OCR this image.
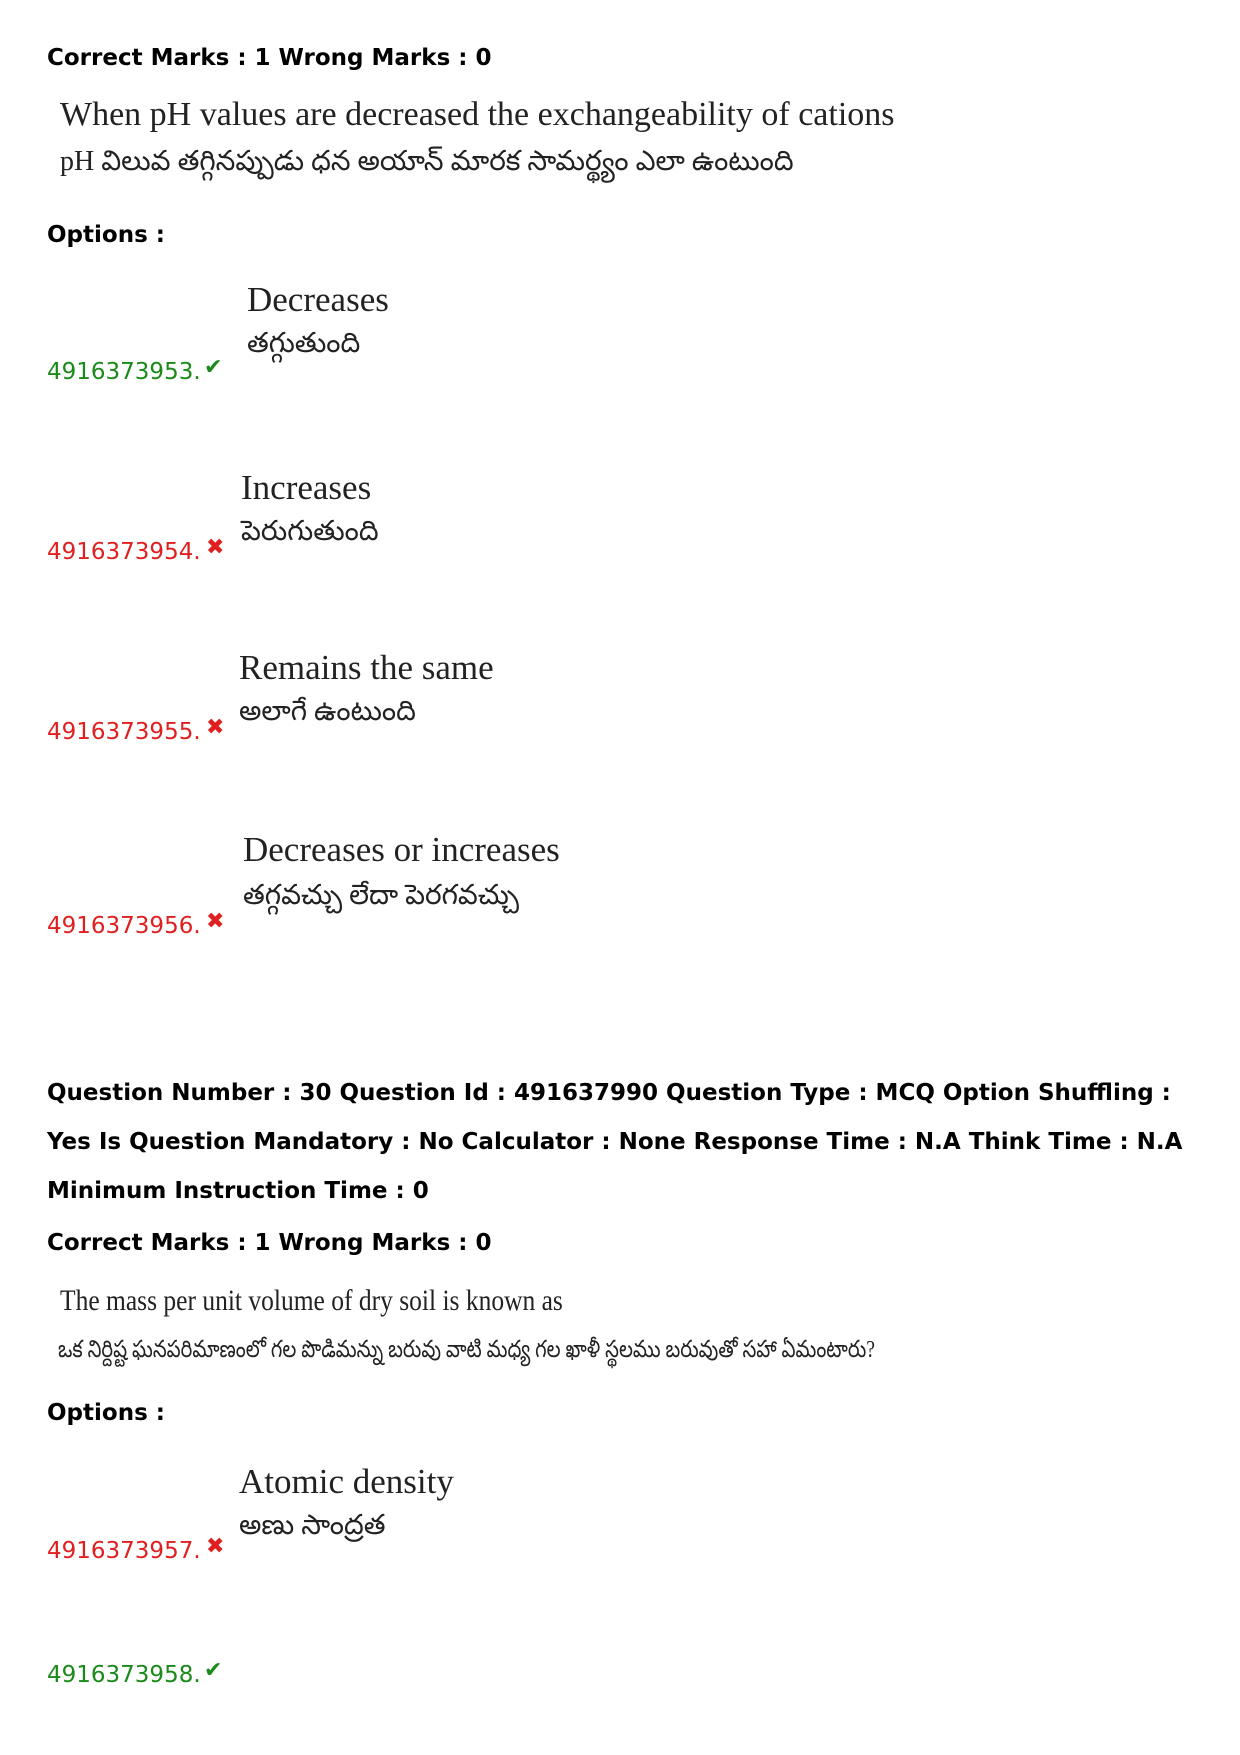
Correct Marks : 1 Wrong Marks : 0

When pH values are decreased the exchangeability of cations

pH విలువ తగ్గినప్పుడు ధన అయాన్ మారక సామర్థ్యం ఎలా ఉంటుంది

Options :

Decreases

తగ్గుతుంది

4916373953. ✔

Increases

పెరుగుతుంది

4916373954. ✖

Remains the same

అలాగే ఉంటుంది

4916373955. ✖

Decreases or increases

తగ్గవచ్చు లేదా పెరగవచ్చు

4916373956. ✖

Question Number : 30 Question Id : 491637990 Question Type : MCQ Option Shuffling : Yes Is Question Mandatory : No Calculator : None Response Time : N.A Think Time : N.A Minimum Instruction Time : 0

Correct Marks : 1 Wrong Marks : 0

The mass per unit volume of dry soil is known as

ఒక నిర్దిష్ట ఘనపరిమాణంలో గల పొడిమన్ను బరువు వాటి మధ్య గల ఖాళీ స్థలము బరువుతో సహా ఏమంటారు?

Options :

Atomic density

అణు సాంద్రత

4916373957. ✖

4916373958. ✔
